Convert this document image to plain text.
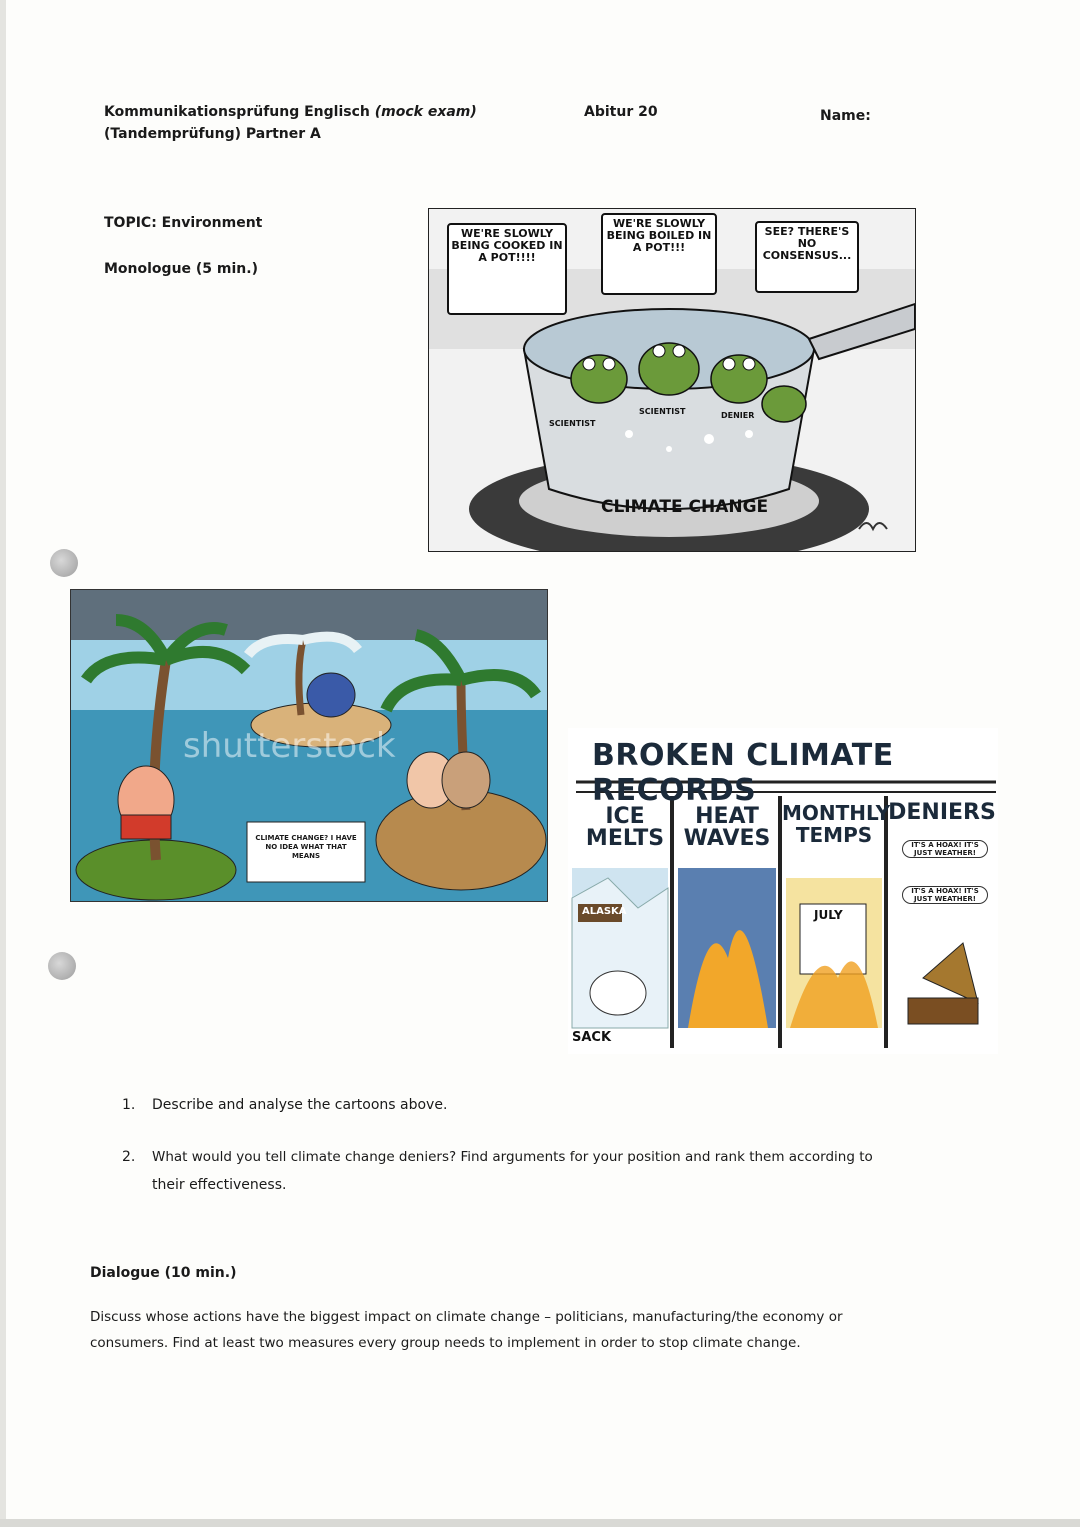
Kommunikationsprüfung Englisch (mock exam)
(Tandemprüfung) Partner A
Abitur 20	Name:
TOPIC: Environment
Monologue (5 min.)
WE'RE SLOWLY BEING COOKED IN A POT!!!!
WE'RE SLOWLY BEING BOILED IN A POT!!!
SEE? THERE'S NO CONSENSUS...
SCIENTIST
SCIENTIST	DENIER
CLIMATE CHANGE
shutterstock
CLIMATE CHANGE? I HAVE NO IDEA WHAT THAT MEANS
BROKEN CLIMATE RECORDS
ICE MELTS
HEAT WAVES
MONTHLY TEMPS
DENIERS
ALASKA	JULY
IT'S A HOAX! IT'S JUST WEATHER!
IT'S A HOAX! IT'S JUST WEATHER!
SACK
1. Describe and analyse the cartoons above.
2. What would you tell climate change deniers? Find arguments for your position and rank them according to
their effectiveness.
Dialogue (10 min.)
Discuss whose actions have the biggest impact on climate change – politicians, manufacturing/the economy or
consumers. Find at least two measures every group needs to implement in order to stop climate change.
